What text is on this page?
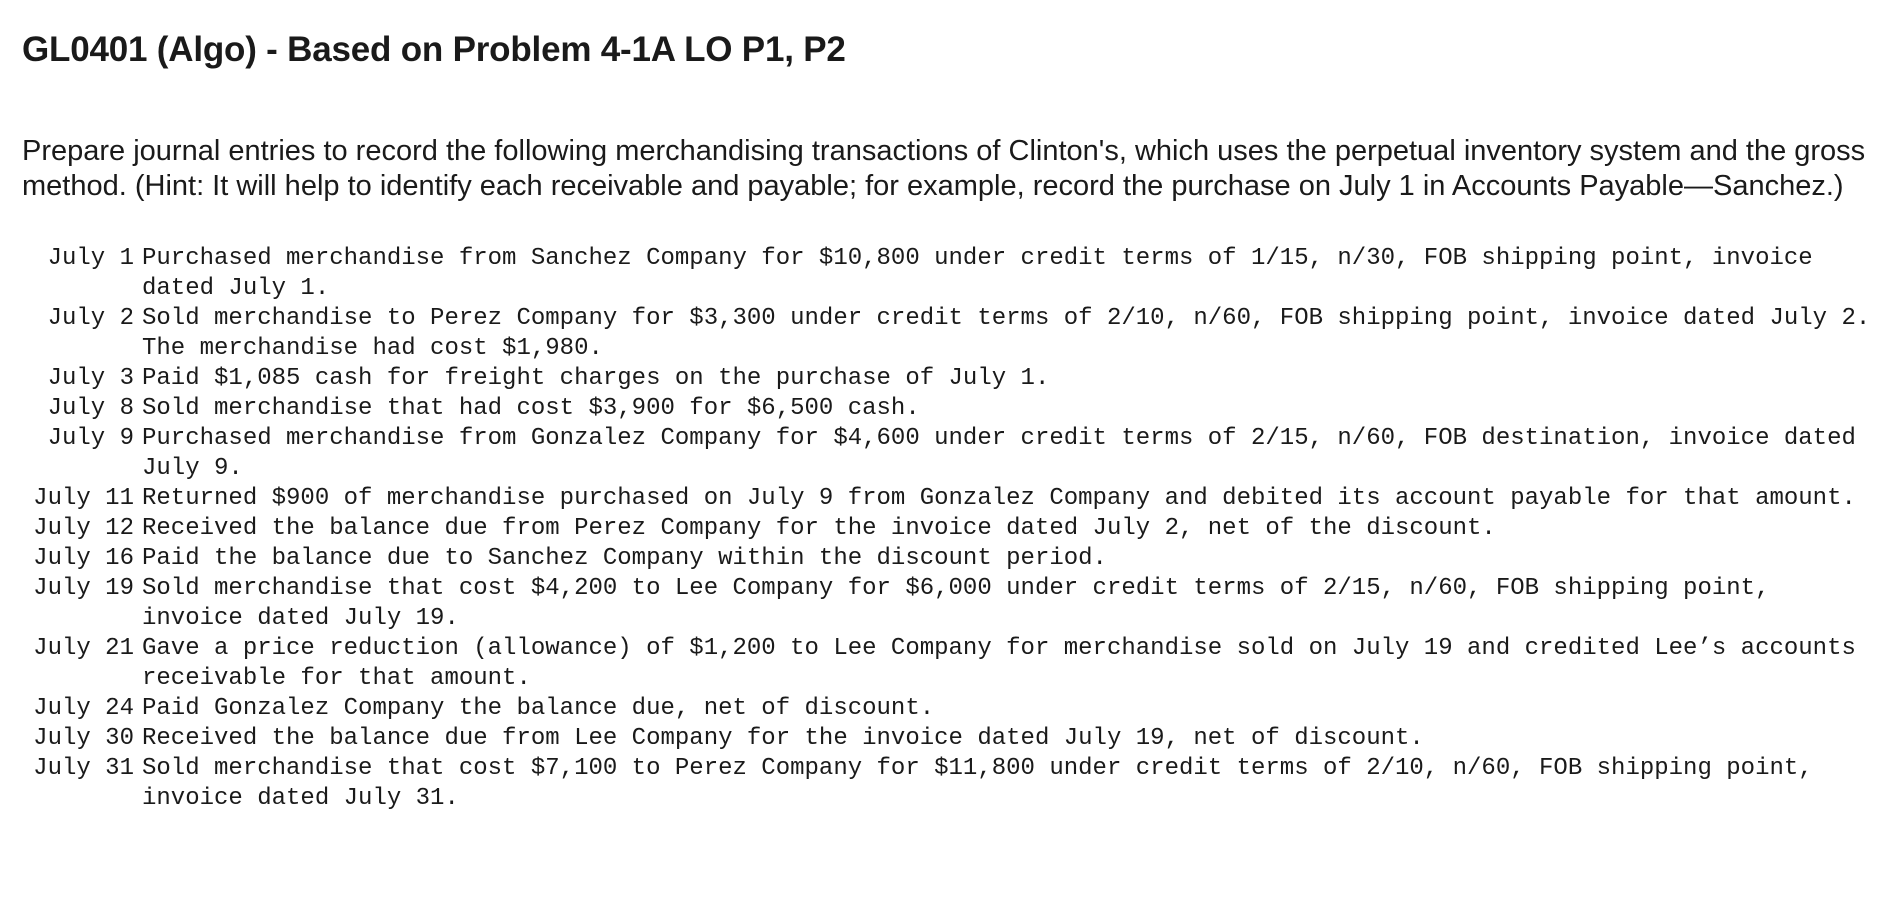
GL0401 (Algo) - Based on Problem 4-1A LO P1, P2

Prepare journal entries to record the following merchandising transactions of Clinton's, which uses the perpetual inventory system and the gross method. (Hint: It will help to identify each receivable and payable; for example, record the purchase on July 1 in Accounts Payable—Sanchez.)

July 1	Purchased merchandise from Sanchez Company for $10,800 under credit terms of 1/15, n/30, FOB shipping point, invoice dated July 1.
July 2	Sold merchandise to Perez Company for $3,300 under credit terms of 2/10, n/60, FOB shipping point, invoice dated July 2. The merchandise had cost $1,980.
July 3	Paid $1,085 cash for freight charges on the purchase of July 1.
July 8	Sold merchandise that had cost $3,900 for $6,500 cash.
July 9	Purchased merchandise from Gonzalez Company for $4,600 under credit terms of 2/15, n/60, FOB destination, invoice dated July 9.
July 11	Returned $900 of merchandise purchased on July 9 from Gonzalez Company and debited its account payable for that amount.
July 12	Received the balance due from Perez Company for the invoice dated July 2, net of the discount.
July 16	Paid the balance due to Sanchez Company within the discount period.
July 19	Sold merchandise that cost $4,200 to Lee Company for $6,000 under credit terms of 2/15, n/60, FOB shipping point, invoice dated July 19.
July 21	Gave a price reduction (allowance) of $1,200 to Lee Company for merchandise sold on July 19 and credited Lee’s accounts receivable for that amount.
July 24	Paid Gonzalez Company the balance due, net of discount.
July 30	Received the balance due from Lee Company for the invoice dated July 19, net of discount.
July 31	Sold merchandise that cost $7,100 to Perez Company for $11,800 under credit terms of 2/10, n/60, FOB shipping point, invoice dated July 31.
